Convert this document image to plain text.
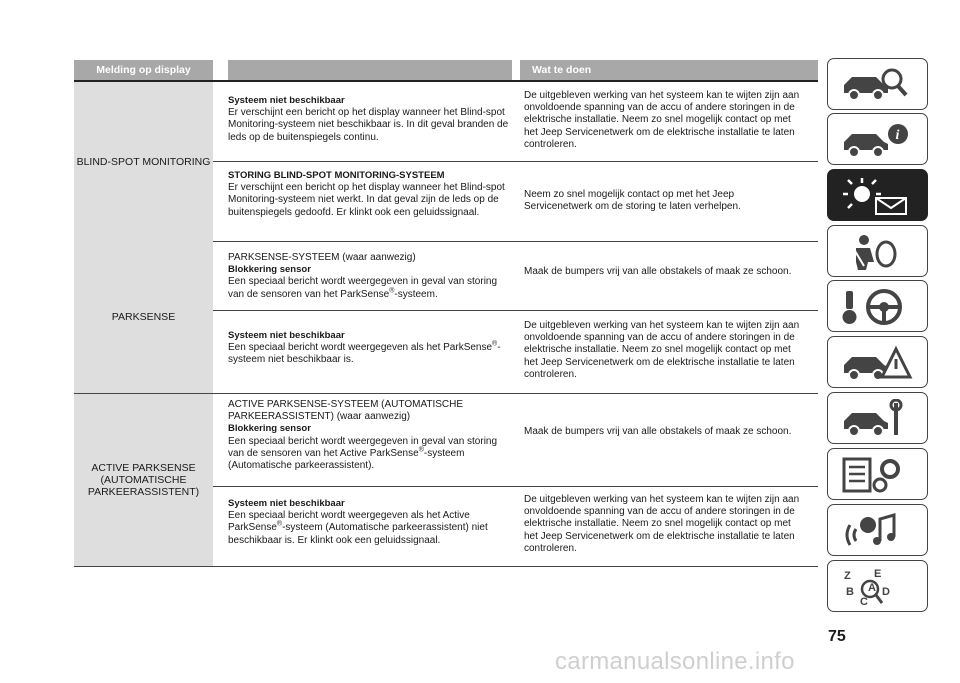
Melding op display	Wat te doen
BLIND-SPOT MONITORING
PARKSENSE
ACTIVE PARKSENSE
(AUTOMATISCHE
PARKEERASSISTENT)
Systeem niet beschikbaar
Er verschijnt een bericht op het display wanneer het Blind-spot Monitoring-systeem niet beschikbaar is. In dit geval branden de leds op de buitenspiegels continu.
De uitgebleven werking van het systeem kan te wijten zijn aan onvoldoende spanning van de accu of andere storingen in de elektrische installatie. Neem zo snel mogelijk contact op met het Jeep Servicenetwerk om de elektrische installatie te laten controleren.
STORING BLIND-SPOT MONITORING-SYSTEEM
Er verschijnt een bericht op het display wanneer het Blind-spot Monitoring-systeem niet werkt. In dat geval zijn de leds op de buitenspiegels gedoofd. Er klinkt ook een geluidssignaal.
Neem zo snel mogelijk contact op met het Jeep Servicenetwerk om de storing te laten verhelpen.
PARKSENSE-SYSTEEM (waar aanwezig)
Blokkering sensor
Een speciaal bericht wordt weergegeven in geval van storing van de sensoren van het ParkSense®-systeem.
Maak de bumpers vrij van alle obstakels of maak ze schoon.
Systeem niet beschikbaar
Een speciaal bericht wordt weergegeven als het ParkSense®-systeem niet beschikbaar is.
De uitgebleven werking van het systeem kan te wijten zijn aan onvoldoende spanning van de accu of andere storingen in de elektrische installatie. Neem zo snel mogelijk contact op met het Jeep Servicenetwerk om de elektrische installatie te laten controleren.
ACTIVE PARKSENSE-SYSTEEM (AUTOMATISCHE PARKEERASSISTENT) (waar aanwezig)
Blokkering sensor
Een speciaal bericht wordt weergegeven in geval van storing van de sensoren van het Active ParkSense®-systeem (Automatische parkeerassistent).
Maak de bumpers vrij van alle obstakels of maak ze schoon.
Systeem niet beschikbaar
Een speciaal bericht wordt weergegeven als het Active ParkSense®-systeem (Automatische parkeerassistent) niet beschikbaar is. Er klinkt ook een geluidssignaal.
De uitgebleven werking van het systeem kan te wijten zijn aan onvoldoende spanning van de accu of andere storingen in de elektrische installatie. Neem zo snel mogelijk contact op met het Jeep Servicenetwerk om de elektrische installatie te laten controleren.
i
Z E
B
C
D
A
75
carmanualsonline.info
